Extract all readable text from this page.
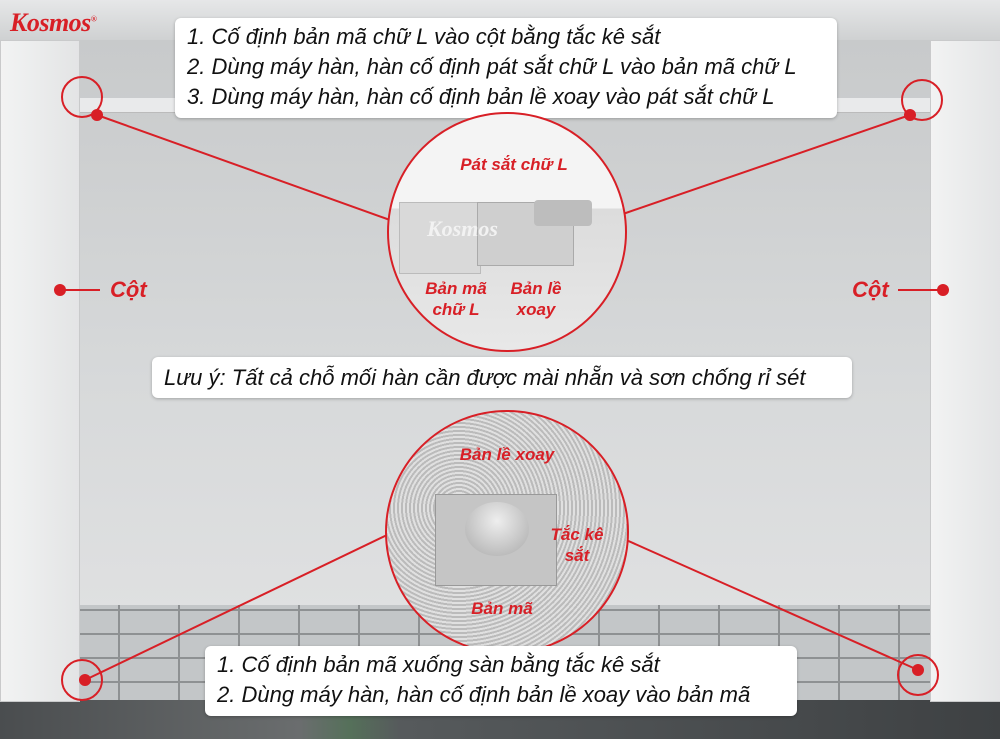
Kosmos®
1. Cố định bản mã chữ L vào cột bằng tắc kê sắt
2. Dùng máy hàn, hàn cố định pát sắt chữ L vào bản mã chữ L
3. Dùng máy hàn, hàn cố định bản lề xoay vào pát sắt chữ L
Cột	Cột
Kosmos
Pát sắt chữ L
Bản mã
chữ L
Bản lề
xoay
Lưu ý: Tất cả chỗ mối hàn cần được mài nhẵn và sơn chống rỉ sét
Bản lề xoay
Tắc kê
sắt
Bản mã
1. Cố định bản mã xuống sàn bằng tắc kê sắt
2. Dùng máy hàn, hàn cố định bản lề xoay vào bản mã
